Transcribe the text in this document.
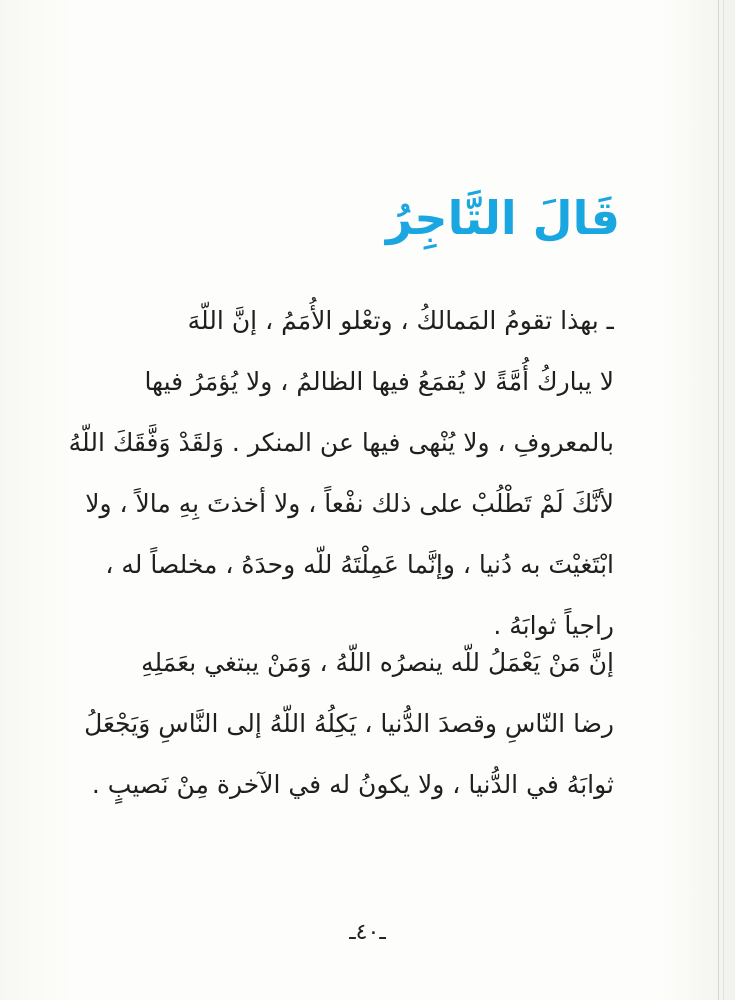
قَالَ التَّاجِرُ
ـ بهذا تقومُ المَمالكُ ، وتعْلو الأُمَمُ ، إنَّ اللّهَ
لا يباركُ أُمَّةً لا يُقمَعُ فيها الظالمُ ، ولا يُؤمَرُ فيها
بالمعروفِ ، ولا يُنْهى فيها عن المنكر . وَلقَدْ وَفَّقَكَ اللّهُ
لأنَّكَ لَمْ تَطْلُبْ على ذلك نفْعاً ، ولا أخذتَ بِهِ مالاً ، ولا
ابْتَغيْتَ به دُنيا ، وإنَّما عَمِلْتَهُ للّه وحدَهُ ، مخلصاً له ،
راجياً ثوابَهُ .
إنَّ مَنْ يَعْمَلُ للّه ينصرُه اللّهُ ، وَمَنْ يبتغي بعَمَلِهِ
رضا النّاسِ وقصدَ الدُّنيا ، يَكِلُهُ اللّهُ إلى النَّاسِ وَيَجْعَلُ
ثوابَهُ في الدُّنيا ، ولا يكونُ له في الآخرة مِنْ نَصيبٍ .
ـ٤٠ـ
